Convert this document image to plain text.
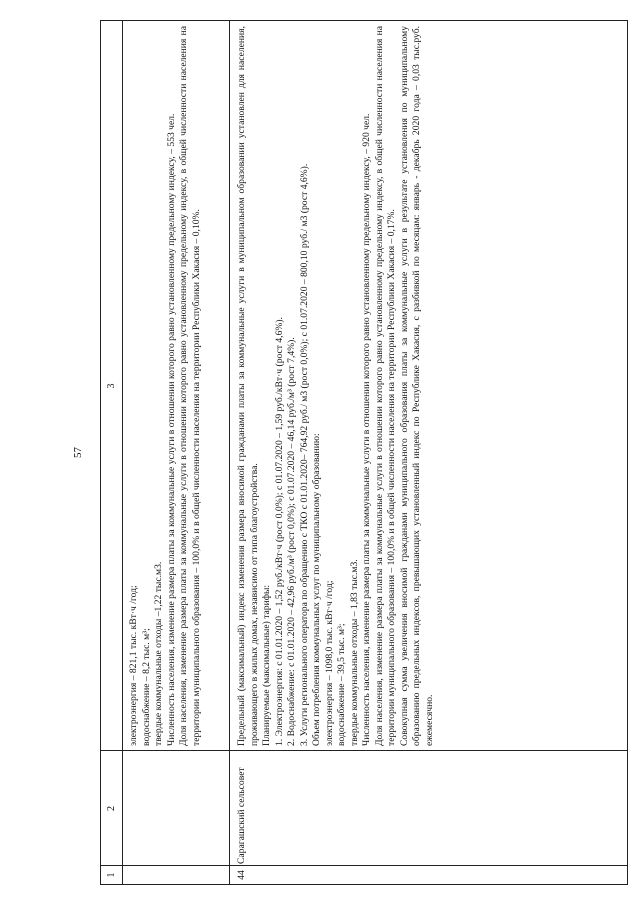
57
1
2
3
электроэнергия – 821,1 тыс. кВт·ч /год; водоснабжение – 8,2 тыс. м³; твердые коммунальные отходы –1,22 тыс.м3. Численность населения, изменение размера платы за коммунальные услуги в отношении которого равно установленному предельному индексу, – 553 чел. Доля населения, изменение размера платы за коммунальные услуги в отношении которого равно установленному предельному индексу, в общей численности населения на территории муниципального образования – 100,0% и в общей численности населения на территории Республики Хакасия – 0,10%.
44
Сарагашский сельсовет
Предельный (максимальный) индекс изменения размера вносимой гражданами платы за коммунальные услуги в муниципальном образовании установлен для населения, проживающего в жилых домах, независимо от типа благоустройства. Планируемые (максимальные) тарифы: 1. Электроэнергия: с 01.01.2020 – 1,52 руб./кВт·ч (рост 0,0%); с 01.07.2020 – 1,59 руб./кВт·ч (рост 4,6%). 2. Водоснабжение: с 01.01.2020 – 42,96 руб./м³ (рост 0,0%); с 01.07.2020 – 46,14 руб./м³ (рост 7,4%). 3. Услуги регионального оператора по обращению с ТКО с 01.01.2020– 764,92 руб./ м3 (рост 0,0%); с 01.07.2020 – 800,10 руб./ м3 (рост 4,6%). Объем потребления коммунальных услуг по муниципальному образованию: электроэнергия – 1098,0 тыс. кВт·ч /год; водоснабжение – 39,5 тыс. м³; твердые коммунальные отходы – 1,83 тыс.м3. Численность населения, изменение размера платы за коммунальные услуги в отношении которого равно установленному предельному индексу, – 920 чел. Доля населения, изменение размера платы за коммунальные услуги в отношении которого равно установленному предельному индексу, в общей численности населения на территории муниципального образования – 100,0% и в общей численности населения на территории Республики Хакасия – 0,17%. Совокупная сумма увеличения вносимой гражданами муниципального образования платы за коммунальные услуги в результате установления по муниципальному образованию предельных индексов, превышающих установленный индекс по Республике Хакасия, с разбивкой по месяцам: январь - декабрь 2020 года – 0,03 тыс.руб. ежемесячно.
